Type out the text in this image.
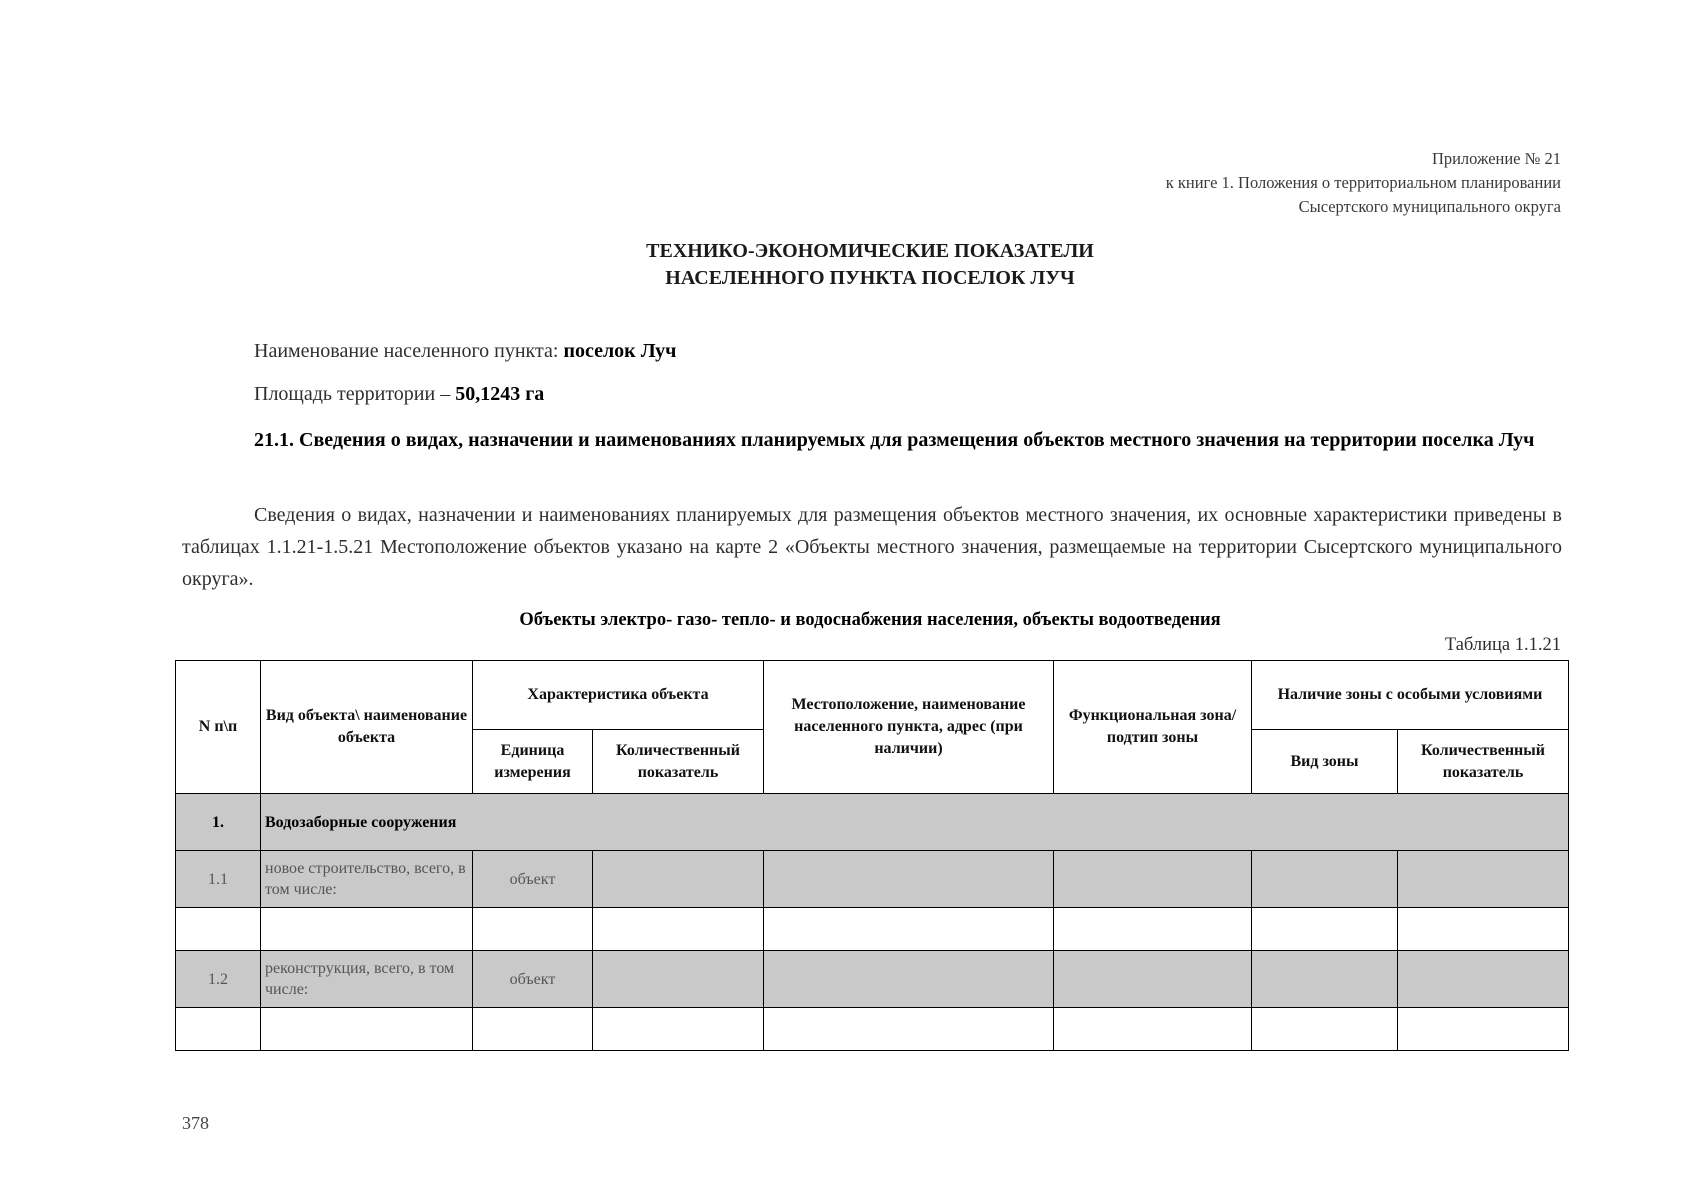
Приложение № 21
к книге 1. Положения о территориальном планировании
Сысертского муниципального округа
ТЕХНИКО-ЭКОНОМИЧЕСКИЕ ПОКАЗАТЕЛИ
НАСЕЛЕННОГО ПУНКТА ПОСЕЛОК ЛУЧ
Наименование населенного пункта: поселок Луч
Площадь территории – 50,1243 га
21.1. Сведения о видах, назначении и наименованиях планируемых для размещения объектов местного значения на территории поселка Луч
Сведения о видах, назначении и наименованиях планируемых для размещения объектов местного значения, их основные характеристики приведены в таблицах 1.1.21-1.5.21 Местоположение объектов указано на карте 2 «Объекты местного значения, размещаемые на территории Сысертского муниципального округа».
Объекты электро- газо- тепло- и водоснабжения населения, объекты водоотведения
Таблица 1.1.21
N п\п	Вид объекта\ наименование объекта	Характеристика объекта		Местоположение, наименование населенного пункта, адрес (при наличии)	Функциональная зона/ подтип зоны	Наличие зоны с особыми условиями	
		Единица измерения	Количественный показатель			Вид зоны	Количественный показатель
1.	Водозаборные сооружения						
1.1	новое строительство, всего, в том числе:	объект					

1.2	реконструкция, всего, в том числе:	объект					

378
